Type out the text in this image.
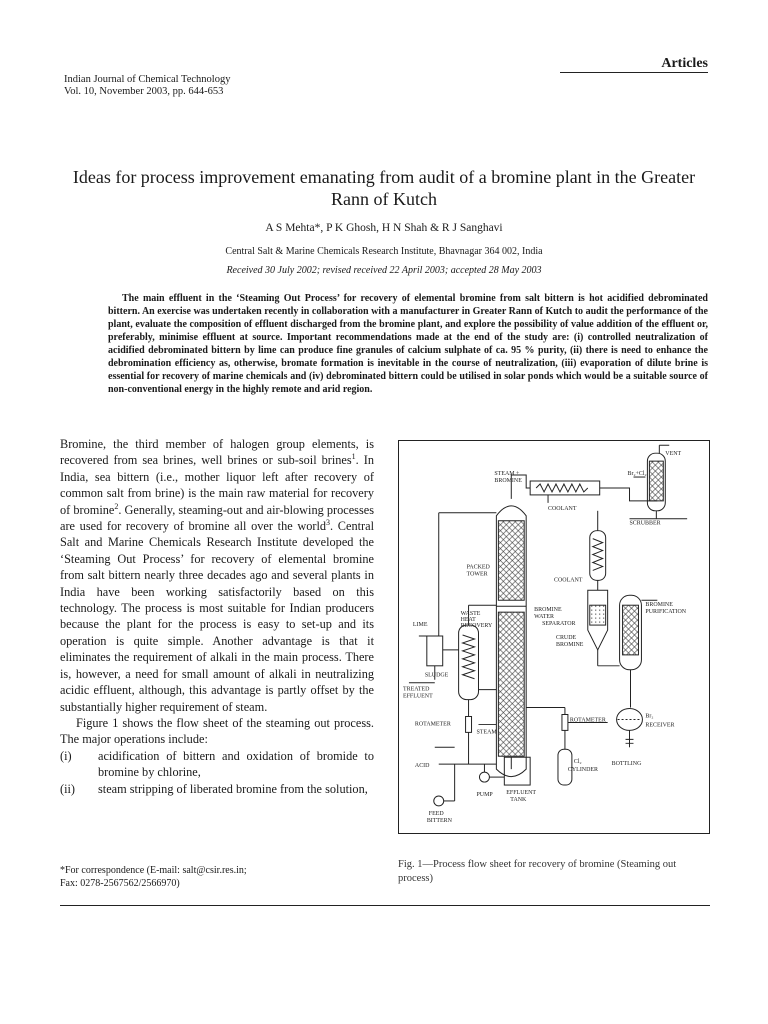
Articles
Indian Journal of Chemical Technology
Vol. 10, November 2003, pp. 644-653
Ideas for process improvement emanating from audit of a bromine plant in the Greater Rann of Kutch
A S Mehta*, P K Ghosh, H N Shah & R J Sanghavi
Central Salt & Marine Chemicals Research Institute, Bhavnagar 364 002, India
Received 30 July 2002; revised received 22 April 2003; accepted 28 May 2003
The main effluent in the ‘Steaming Out Process’ for recovery of elemental bromine from salt bittern is hot acidified debrominated bittern. An exercise was undertaken recently in collaboration with a manufacturer in Greater Rann of Kutch to audit the performance of the plant, evaluate the composition of effluent discharged from the bromine plant, and explore the possibility of value addition of the effluent or, preferably, minimise effluent at source. Important recommendations made at the end of the study are: (i) controlled neutralization of acidified debrominated bittern by lime can produce fine granules of calcium sulphate of ca. 95 % purity, (ii) there is need to enhance the debromination efficiency as, otherwise, bromate formation is inevitable in the course of neutralization, (iii) evaporation of dilute brine is essential for recovery of marine chemicals and (iv) debrominated bittern could be utilised in solar ponds which would be a suitable source of non-conventional energy in the highly remote and arid region.

Bromine, the third member of halogen group elements, is recovered from sea brines, well brines or sub-soil brines$^1$. In India, sea bittern (i.e., mother liquor left after recovery of common salt from brine) is the main raw material for recovery of bromine$^2$. Generally, steaming-out and air-blowing processes are used for recovery of bromine all over the world$^3$. Central Salt and Marine Chemicals Research Institute developed the ‘Steaming Out Process’ for recovery of elemental bromine from salt bittern nearly three decades ago and several plants in India have been working satisfactorily based on this technology. The process is most suitable for Indian producers because the plant for the process is easy to set-up and its operation is quite simple. Another advantage is that it eliminates the requirement of alkali in the main process. There is, however, a need for small amount of alkali in neutralizing acidic effluent, although, this advantage is partly offset by the substantially higher requirement of steam.

Figure 1 shows the flow sheet of the steaming out process. The major operations include:

(i)	acidification of bittern and oxidation of bromide to bromine by chlorine,
(ii)	steam stripping of liberated bromine from the solution,
STEAM +
BROMINE
VENT
Br₂+Cl₂
COOLANT
SCRUBBER
PACKED
TOWER
COOLANT
LIME
WASTE
HEAT
RECOVERY
BROMINE
WATER
SEPARATOR
BROMINE
PURIFICATION
CRUDE
BROMINE
SLUDGE
TREATED
EFFLUENT
ROTAMETER
STEAM
ROTAMETER
Br₂
RECEIVER
ACID
Cl₂
CYLINDER
BOTTLING
PUMP EFFLUENT
TANK
FEED
BITTERN
Fig. 1—Process flow sheet for recovery of bromine (Steaming out process)
*For correspondence (E-mail: salt@csir.res.in;
Fax: 0278-2567562/2566970)
